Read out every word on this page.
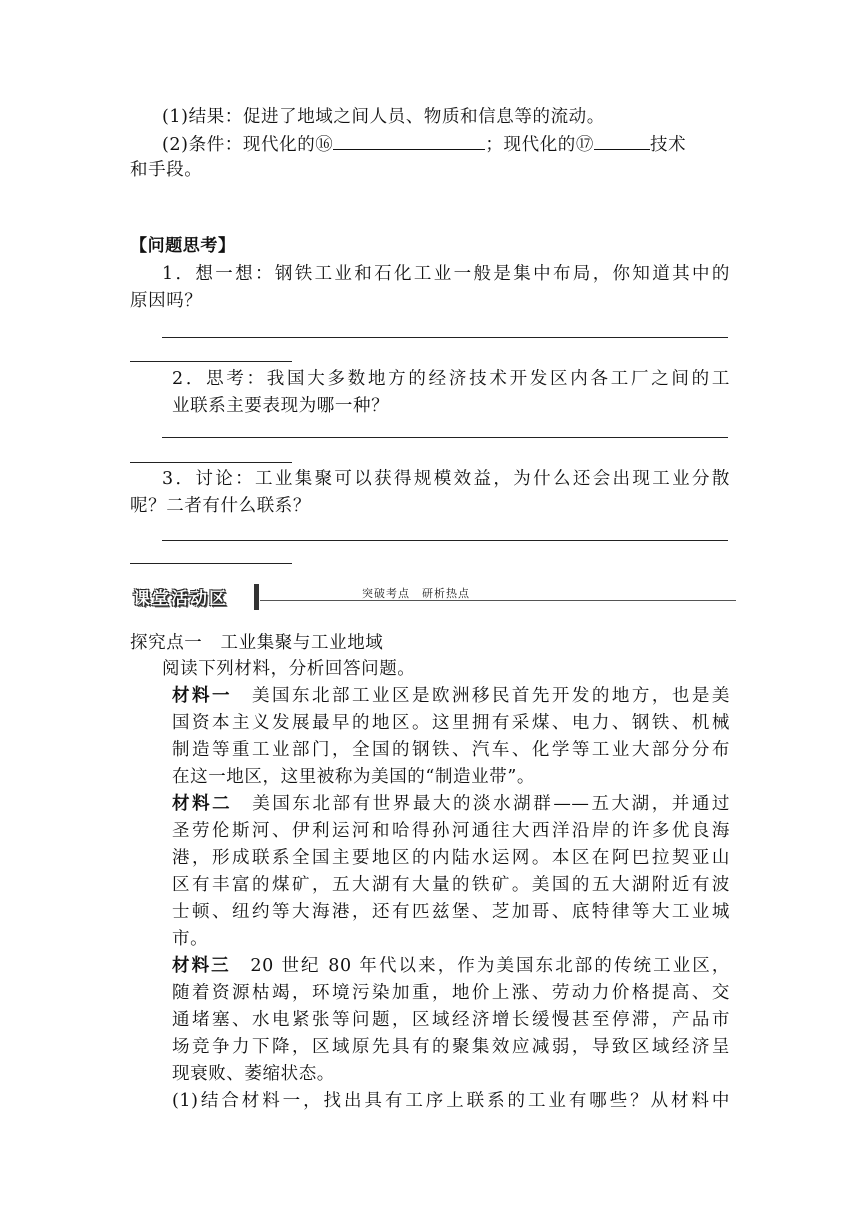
(1)结果：促进了地域之间人员、物质和信息等的流动。
(2)条件：现代化的⑯	；现代化的⑰	技术
和手段。
【问题思考】
1．想一想：钢铁工业和石化工业一般是集中布局，你知道其中的
原因吗？
2．思考：我国大多数地方的经济技术开发区内各工厂之间的工
业联系主要表现为哪一种？
3．讨论：工业集聚可以获得规模效益，为什么还会出现工业分散
呢？二者有什么联系？
课堂活动区	突破考点　研析热点
探究点一　工业集聚与工业地域
阅读下列材料，分析回答问题。
材料一　 美国东北部工业区是欧洲移民首先开发的地方，也是美
国资本主义发展最早的地区。这里拥有采煤、电力、钢铁、机械
制造等重工业部门，全国的钢铁、汽车、化学等工业大部分分布
在这一地区，这里被称为美国的“制造业带”。
材料二　 美国东北部有世界最大的淡水湖群——五大湖，并通过
圣劳伦斯河、伊利运河和哈得孙河通往大西洋沿岸的许多优良海
港，形成联系全国主要地区的内陆水运网。本区在阿巴拉契亚山
区有丰富的煤矿，五大湖有大量的铁矿。美国的五大湖附近有波
士顿、纽约等大海港，还有匹兹堡、芝加哥、底特律等大工业城
市。
材料三　 20 世纪 80 年代以来，作为美国东北部的传统工业区，
随着资源枯竭，环境污染加重，地价上涨、劳动力价格提高、交
通堵塞、水电紧张等问题，区域经济增长缓慢甚至停滞，产品市
场竞争力下降，区域原先具有的聚集效应减弱，导致区域经济呈
现衰败、萎缩状态。
(1)结合材料一，找出具有工序上联系的工业有哪些？从材料中
